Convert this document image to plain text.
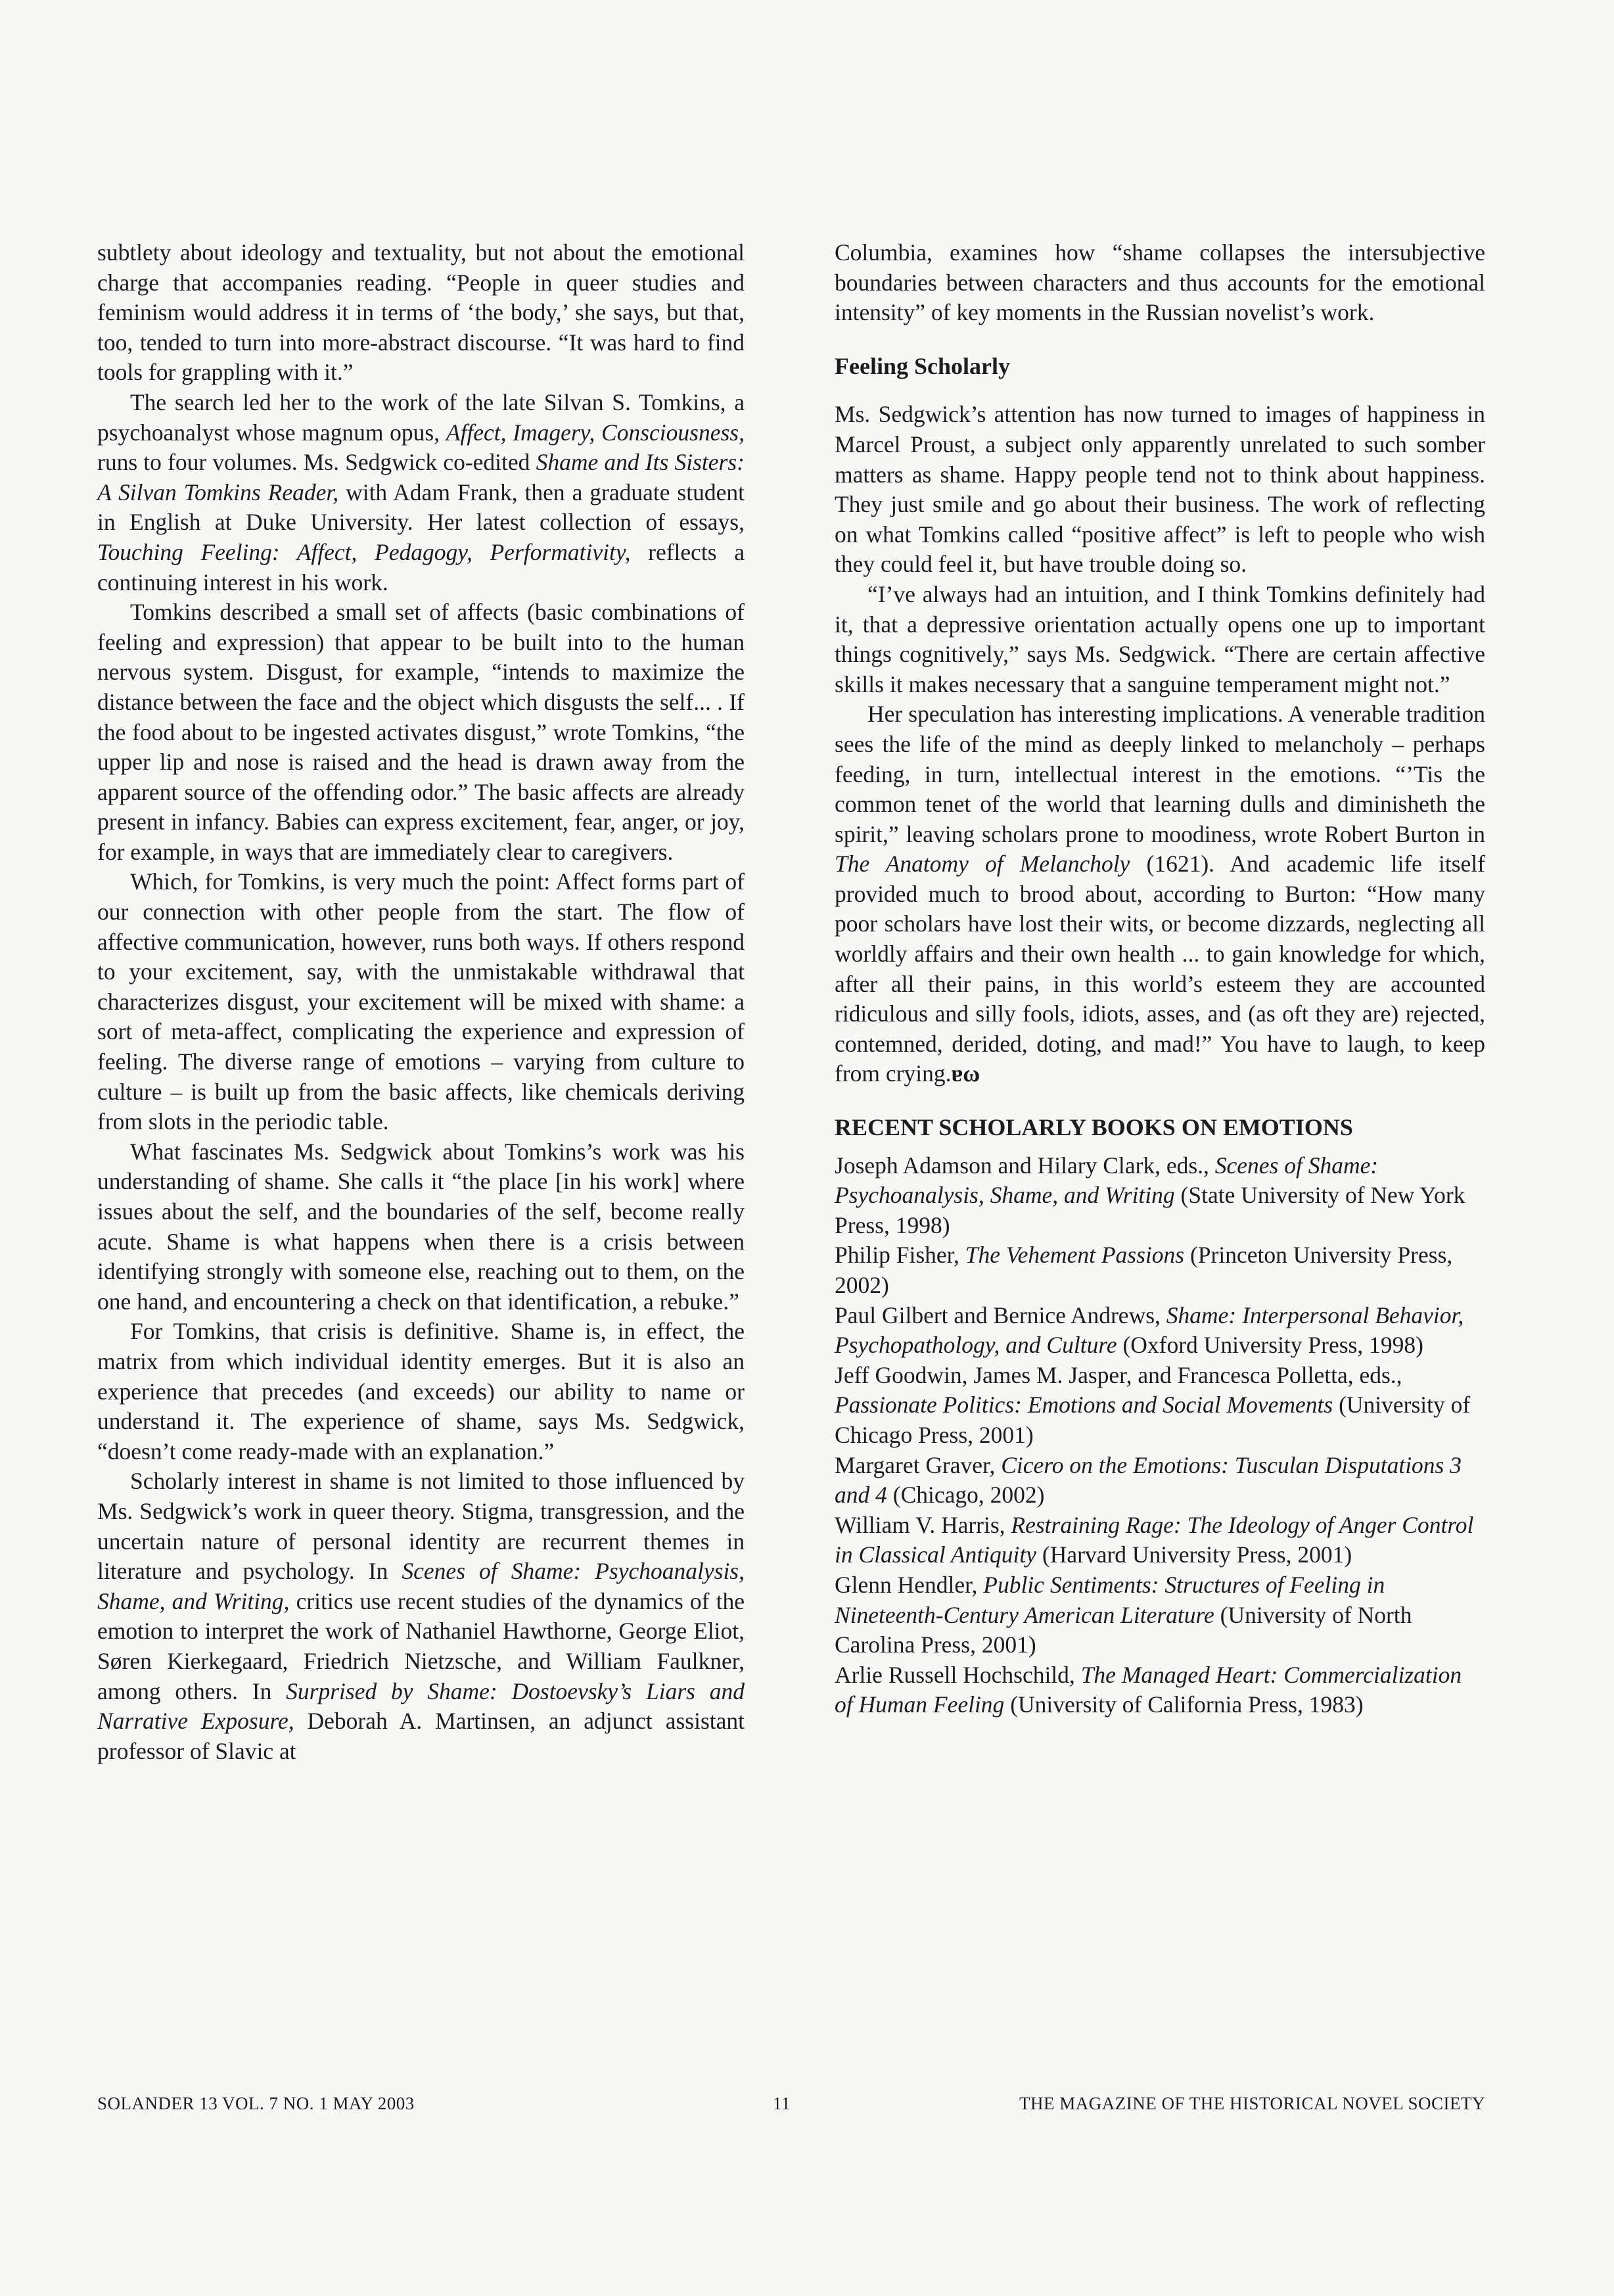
subtlety about ideology and textuality, but not about the emotional charge that accompanies reading. “People in queer studies and feminism would address it in terms of ‘the body,’ she says, but that, too, tended to turn into more-abstract discourse. “It was hard to find tools for grappling with it.”

The search led her to the work of the late Silvan S. Tomkins, a psychoanalyst whose magnum opus, Affect, Imagery, Consciousness, runs to four volumes. Ms. Sedgwick co-edited Shame and Its Sisters: A Silvan Tomkins Reader, with Adam Frank, then a graduate student in English at Duke University. Her latest collection of essays, Touching Feeling: Affect, Pedagogy, Performativity, reflects a continuing interest in his work.

Tomkins described a small set of affects (basic combinations of feeling and expression) that appear to be built into to the human nervous system. Disgust, for example, “intends to maximize the distance between the face and the object which disgusts the self... . If the food about to be ingested activates disgust,” wrote Tomkins, “the upper lip and nose is raised and the head is drawn away from the apparent source of the offending odor.” The basic affects are already present in infancy. Babies can express excitement, fear, anger, or joy, for example, in ways that are immediately clear to caregivers.

Which, for Tomkins, is very much the point: Affect forms part of our connection with other people from the start. The flow of affective communication, however, runs both ways. If others respond to your excitement, say, with the unmistakable withdrawal that characterizes disgust, your excitement will be mixed with shame: a sort of meta-affect, complicating the experience and expression of feeling. The diverse range of emotions – varying from culture to culture – is built up from the basic affects, like chemicals deriving from slots in the periodic table.

What fascinates Ms. Sedgwick about Tomkins’s work was his understanding of shame. She calls it “the place [in his work] where issues about the self, and the boundaries of the self, become really acute. Shame is what happens when there is a crisis between identifying strongly with someone else, reaching out to them, on the one hand, and encountering a check on that identification, a rebuke.”

For Tomkins, that crisis is definitive. Shame is, in effect, the matrix from which individual identity emerges. But it is also an experience that precedes (and exceeds) our ability to name or understand it. The experience of shame, says Ms. Sedgwick, “doesn’t come ready-made with an explanation.”

Scholarly interest in shame is not limited to those influenced by Ms. Sedgwick’s work in queer theory. Stigma, transgression, and the uncertain nature of personal identity are recurrent themes in literature and psychology. In Scenes of Shame: Psychoanalysis, Shame, and Writing, critics use recent studies of the dynamics of the emotion to interpret the work of Nathaniel Hawthorne, George Eliot, Søren Kierkegaard, Friedrich Nietzsche, and William Faulkner, among others. In Surprised by Shame: Dostoevsky’s Liars and Narrative Exposure, Deborah A. Martinsen, an adjunct assistant professor of Slavic at

Columbia, examines how “shame collapses the intersubjective boundaries between characters and thus accounts for the emotional intensity” of key moments in the Russian novelist’s work.

Feeling Scholarly

Ms. Sedgwick’s attention has now turned to images of happiness in Marcel Proust, a subject only apparently unrelated to such somber matters as shame. Happy people tend not to think about happiness. They just smile and go about their business. The work of reflecting on what Tomkins called “positive affect” is left to people who wish they could feel it, but have trouble doing so.

“I’ve always had an intuition, and I think Tomkins definitely had it, that a depressive orientation actually opens one up to important things cognitively,” says Ms. Sedgwick. “There are certain affective skills it makes necessary that a sanguine temperament might not.”

Her speculation has interesting implications. A venerable tradition sees the life of the mind as deeply linked to melancholy – perhaps feeding, in turn, intellectual interest in the emotions. “’Tis the common tenet of the world that learning dulls and diminisheth the spirit,” leaving scholars prone to moodiness, wrote Robert Burton in The Anatomy of Melancholy (1621). And academic life itself provided much to brood about, according to Burton: “How many poor scholars have lost their wits, or become dizzards, neglecting all worldly affairs and their own health ... to gain knowledge for which, after all their pains, in this world’s esteem they are accounted ridiculous and silly fools, idiots, asses, and (as oft they are) rejected, contemned, derided, doting, and mad!” You have to laugh, to keep from crying.ɐω

RECENT SCHOLARLY BOOKS ON EMOTIONS

Joseph Adamson and Hilary Clark, eds., Scenes of Shame: Psychoanalysis, Shame, and Writing (State University of New York Press, 1998)

Philip Fisher, The Vehement Passions (Princeton University Press, 2002)

Paul Gilbert and Bernice Andrews, Shame: Interpersonal Behavior, Psychopathology, and Culture (Oxford University Press, 1998)

Jeff Goodwin, James M. Jasper, and Francesca Polletta, eds., Passionate Politics: Emotions and Social Movements (University of Chicago Press, 2001)

Margaret Graver, Cicero on the Emotions: Tusculan Disputations 3 and 4 (Chicago, 2002)

William V. Harris, Restraining Rage: The Ideology of Anger Control in Classical Antiquity (Harvard University Press, 2001)

Glenn Hendler, Public Sentiments: Structures of Feeling in Nineteenth-Century American Literature (University of North Carolina Press, 2001)

Arlie Russell Hochschild, The Managed Heart: Commercialization of Human Feeling (University of California Press, 1983)

SOLANDER 13 VOL. 7 NO. 1 MAY 2003	11	THE MAGAZINE OF THE HISTORICAL NOVEL SOCIETY
